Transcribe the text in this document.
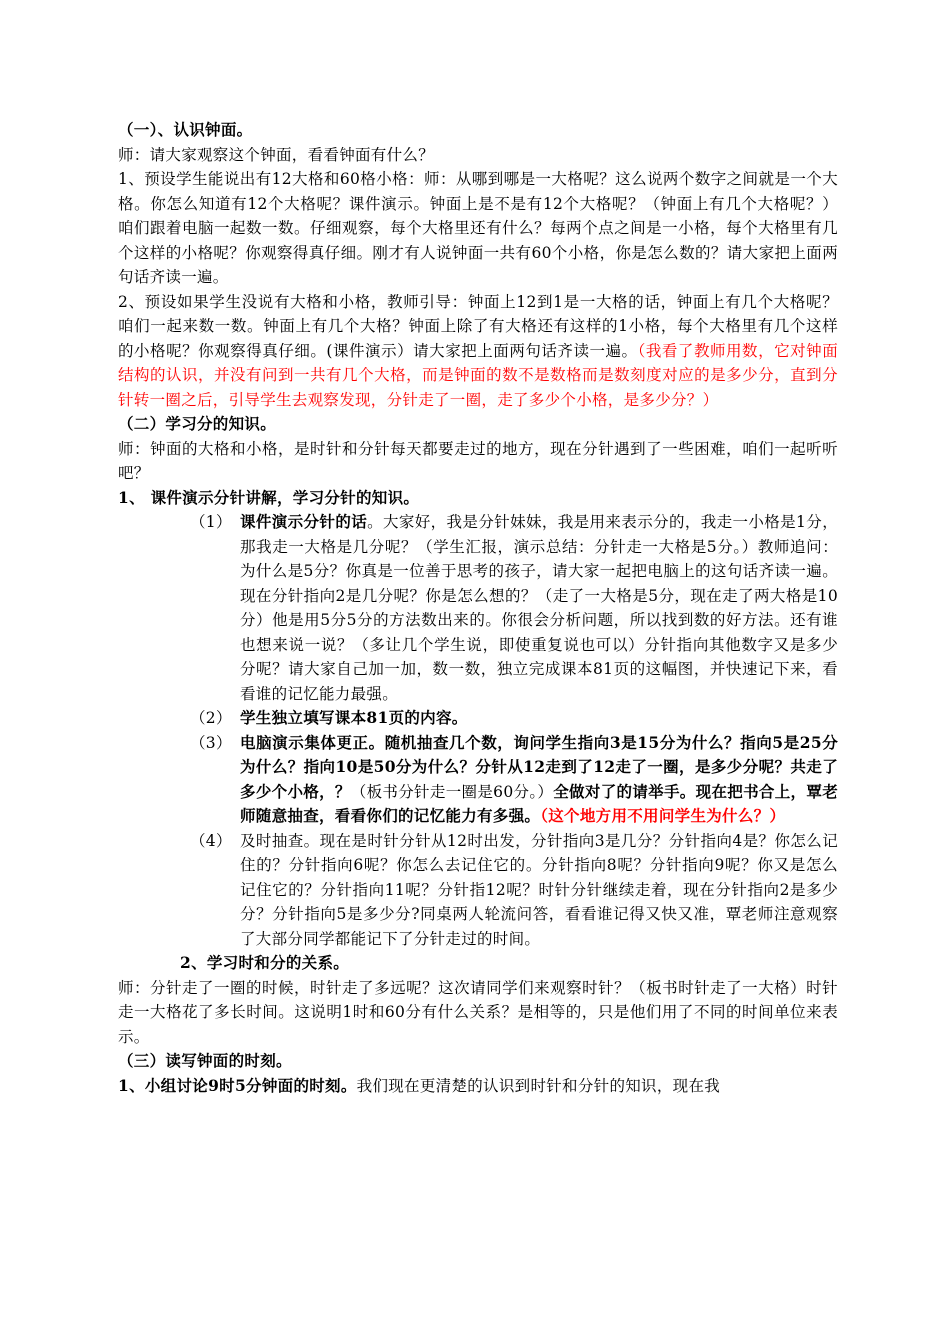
（一）、认识钟面。

师：请大家观察这个钟面，看看钟面有什么？

1、预设学生能说出有12大格和60格小格：师：从哪到哪是一大格呢？这么说两个数字之间就是一个大格。你怎么知道有12个大格呢？课件演示。钟面上是不是有12个大格呢？（钟面上有几个大格呢？）咱们跟着电脑一起数一数。仔细观察，每个大格里还有什么？每两个点之间是一小格，每个大格里有几个这样的小格呢？你观察得真仔细。刚才有人说钟面一共有60个小格，你是怎么数的？请大家把上面两句话齐读一遍。

2、预设如果学生没说有大格和小格，教师引导：钟面上12到1是一大格的话，钟面上有几个大格呢？咱们一起来数一数。钟面上有几个大格？钟面上除了有大格还有这样的1小格，每个大格里有几个这样的小格呢？你观察得真仔细。(课件演示）请大家把上面两句话齐读一遍。（我看了教师用数，它对钟面结构的认识，并没有问到一共有几个大格，而是钟面的数不是数格而是数刻度对应的是多少分，直到分针转一圈之后，引导学生去观察发现，分针走了一圈，走了多少个小格，是多少分？）

（二）学习分的知识。

师：钟面的大格和小格，是时针和分针每天都要走过的地方，现在分针遇到了一些困难，咱们一起听听吧？

1、 课件演示分针讲解，学习分针的知识。

（1） 课件演示分针的话。大家好，我是分针妹妹，我是用来表示分的，我走一小格是1分，那我走一大格是几分呢？（学生汇报，演示总结：分针走一大格是5分。）教师追问：为什么是5分？你真是一位善于思考的孩子，请大家一起把电脑上的这句话齐读一遍。现在分针指向2是几分呢？你是怎么想的？（走了一大格是5分，现在走了两大格是10分）他是用5分5分的方法数出来的。你很会分析问题，所以找到数的好方法。还有谁也想来说一说？（多让几个学生说，即使重复说也可以）分针指向其他数字又是多少分呢？请大家自己加一加，数一数，独立完成课本81页的这幅图，并快速记下来，看看谁的记忆能力最强。
（2） 学生独立填写课本81页的内容。
（3） 电脑演示集体更正。随机抽查几个数，询问学生指向3是15分为什么？指向5是25分为什么？指向10是50分为什么？分针从12走到了12走了一圈，是多少分呢？共走了多少个小格，？（板书分针走一圈是60分。）全做对了的请举手。现在把书合上，覃老师随意抽查，看看你们的记忆能力有多强。（这个地方用不用问学生为什么？）
（4） 及时抽查。现在是时针分针从12时出发，分针指向3是几分？分针指向4是？你怎么记住的？分针指向6呢？你怎么去记住它的。分针指向8呢？分针指向9呢？你又是怎么记住它的？分针指向11呢？分针指12呢？时针分针继续走着，现在分针指向2是多少分？分针指向5是多少分?同桌两人轮流问答，看看谁记得又快又准，覃老师注意观察了大部分同学都能记下了分针走过的时间。

2、学习时和分的关系。

师：分针走了一圈的时候，时针走了多远呢？这次请同学们来观察时针？（板书时针走了一大格）时针走一大格花了多长时间。这说明1时和60分有什么关系？是相等的，只是他们用了不同的时间单位来表示。

（三）读写钟面的时刻。

1、小组讨论9时5分钟面的时刻。我们现在更清楚的认识到时针和分针的知识，现在我
